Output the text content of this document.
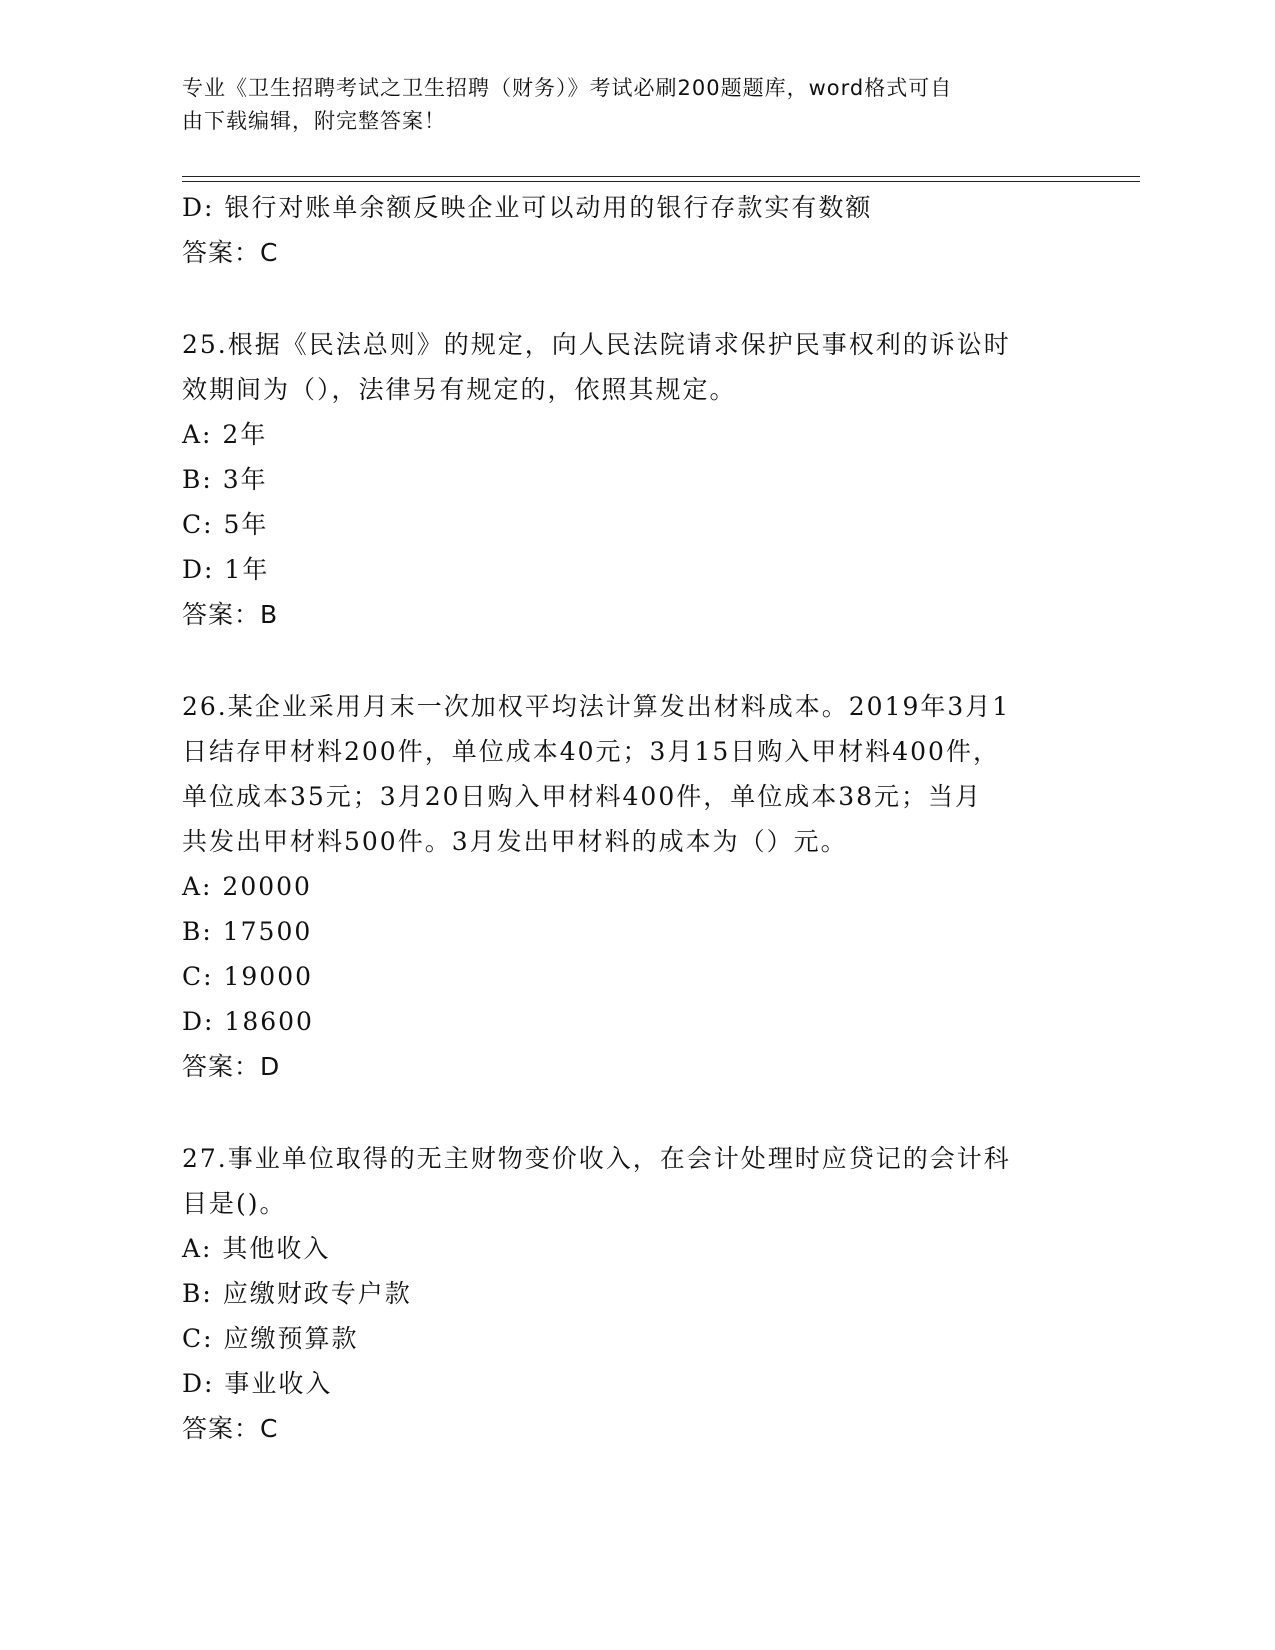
专业《卫生招聘考试之卫生招聘（财务）》考试必刷200题题库，word格式可自
由下载编辑，附完整答案！
D: 银行对账单余额反映企业可以动用的银行存款实有数额
答案：C
25.根据《民法总则》的规定，向人民法院请求保护民事权利的诉讼时
效期间为（），法律另有规定的，依照其规定。
A: 2年
B: 3年
C: 5年
D: 1年
答案：B
26.某企业采用月末一次加权平均法计算发出材料成本。2019年3月1
日结存甲材料200件，单位成本40元；3月15日购入甲材料400件，
单位成本35元；3月20日购入甲材料400件，单位成本38元；当月
共发出甲材料500件。3月发出甲材料的成本为（）元。
A: 20000
B: 17500
C: 19000
D: 18600
答案：D
27.事业单位取得的无主财物变价收入，在会计处理时应贷记的会计科
目是()。
A: 其他收入
B: 应缴财政专户款
C: 应缴预算款
D: 事业收入
答案：C
